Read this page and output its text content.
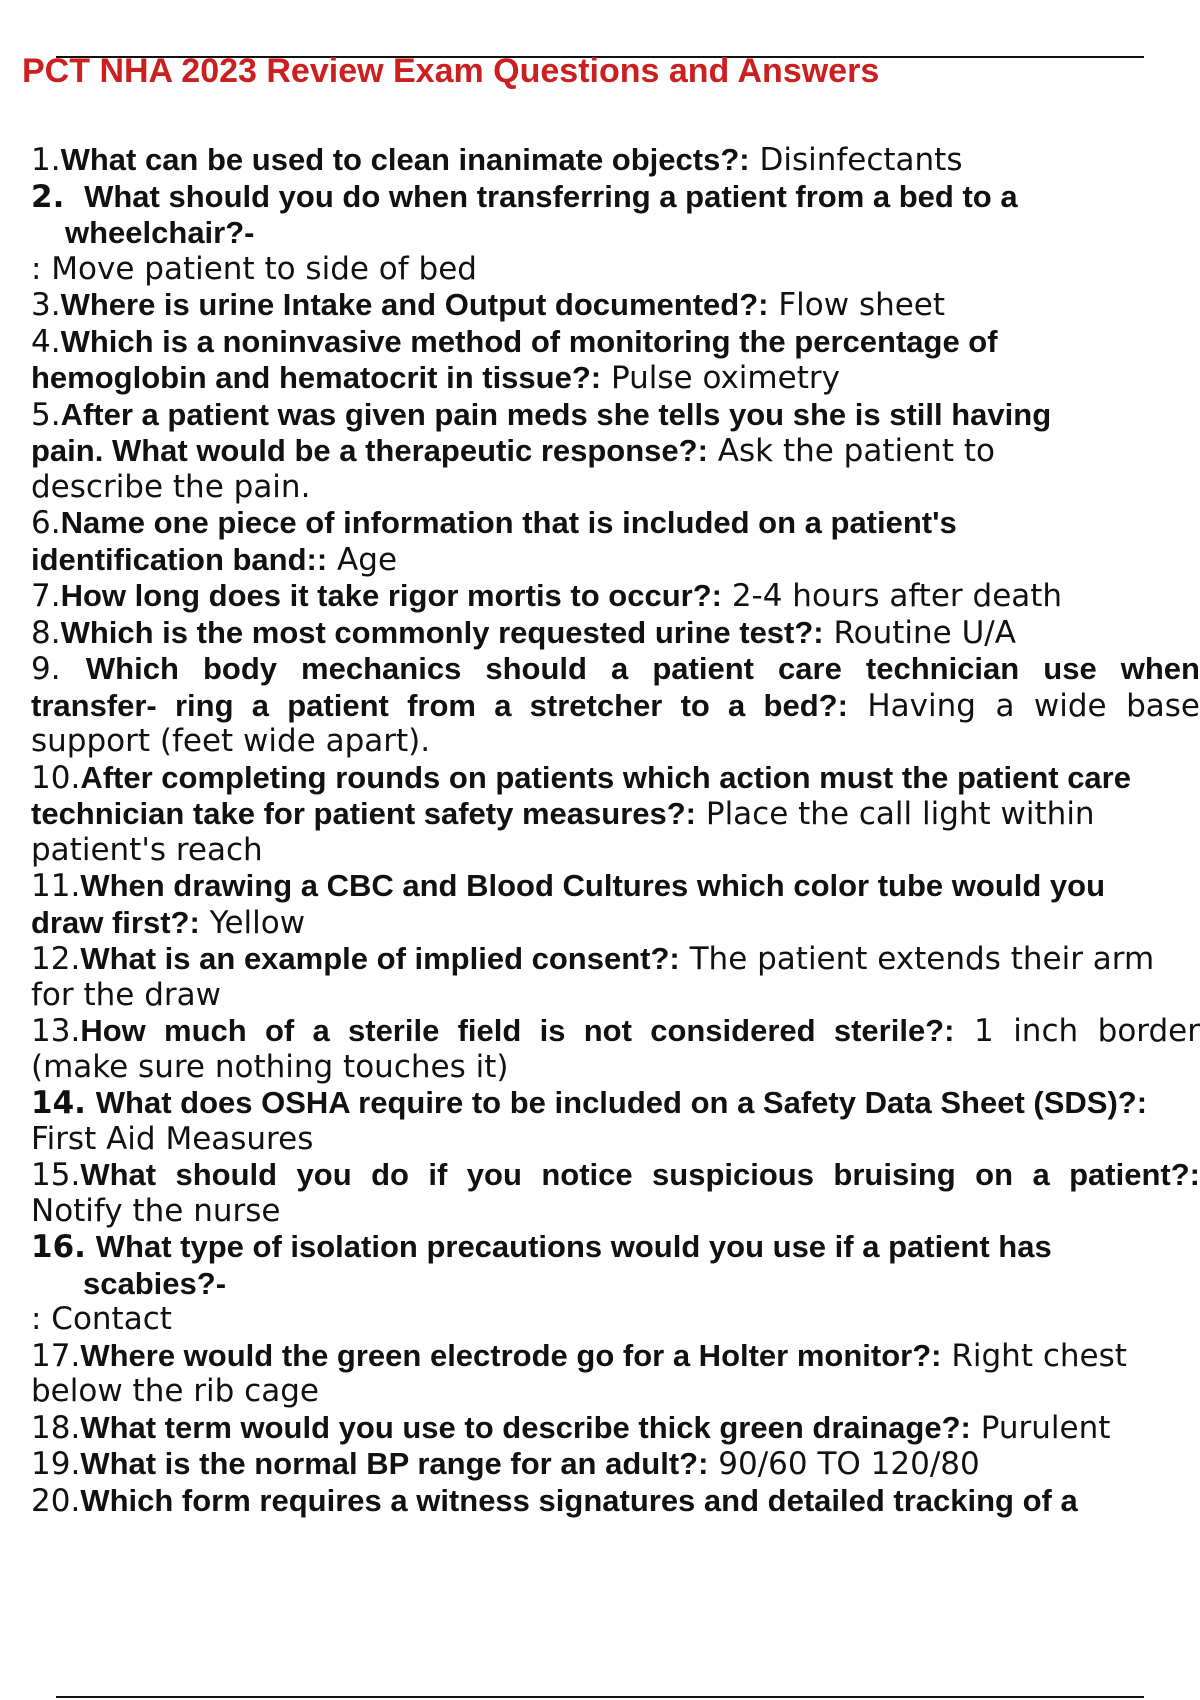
PCT NHA 2023 Review Exam Questions and Answers

1.What can be used to clean inanimate objects?: Disinfectants

2. What should you do when transferring a patient from a bed to a

wheelchair?-

: Move patient to side of bed

3.Where is urine Intake and Output documented?: Flow sheet

4.Which is a noninvasive method of monitoring the percentage of

hemoglobin and hematocrit in tissue?: Pulse oximetry

5.After a patient was given pain meds she tells you she is still having

pain. What would be a therapeutic response?: Ask the patient to

describe the pain.

6.Name one piece of information that is included on a patient's

identification band:: Age

7.How long does it take rigor mortis to occur?: 2-4 hours after death

8.Which is the most commonly requested urine test?: Routine U/A

9. Which body mechanics should a patient care technician use when

transfer- ring a patient from a stretcher to a bed?: Having a wide base

support (feet wide apart).

10.After completing rounds on patients which action must the patient care

technician take for patient safety measures?: Place the call light within

patient's reach

11.When drawing a CBC and Blood Cultures which color tube would you

draw first?: Yellow

12.What is an example of implied consent?: The patient extends their arm

for the draw

13.How much of a sterile field is not considered sterile?: 1 inch border

(make sure nothing touches it)

14. What does OSHA require to be included on a Safety Data Sheet (SDS)?:

First Aid Measures

15.What should you do if you notice suspicious bruising on a patient?:

Notify the nurse

16. What type of isolation precautions would you use if a patient has

scabies?-

: Contact

17.Where would the green electrode go for a Holter monitor?: Right chest

below the rib cage

18.What term would you use to describe thick green drainage?: Purulent

19.What is the normal BP range for an adult?: 90/60 TO 120/80

20.Which form requires a witness signatures and detailed tracking of a
